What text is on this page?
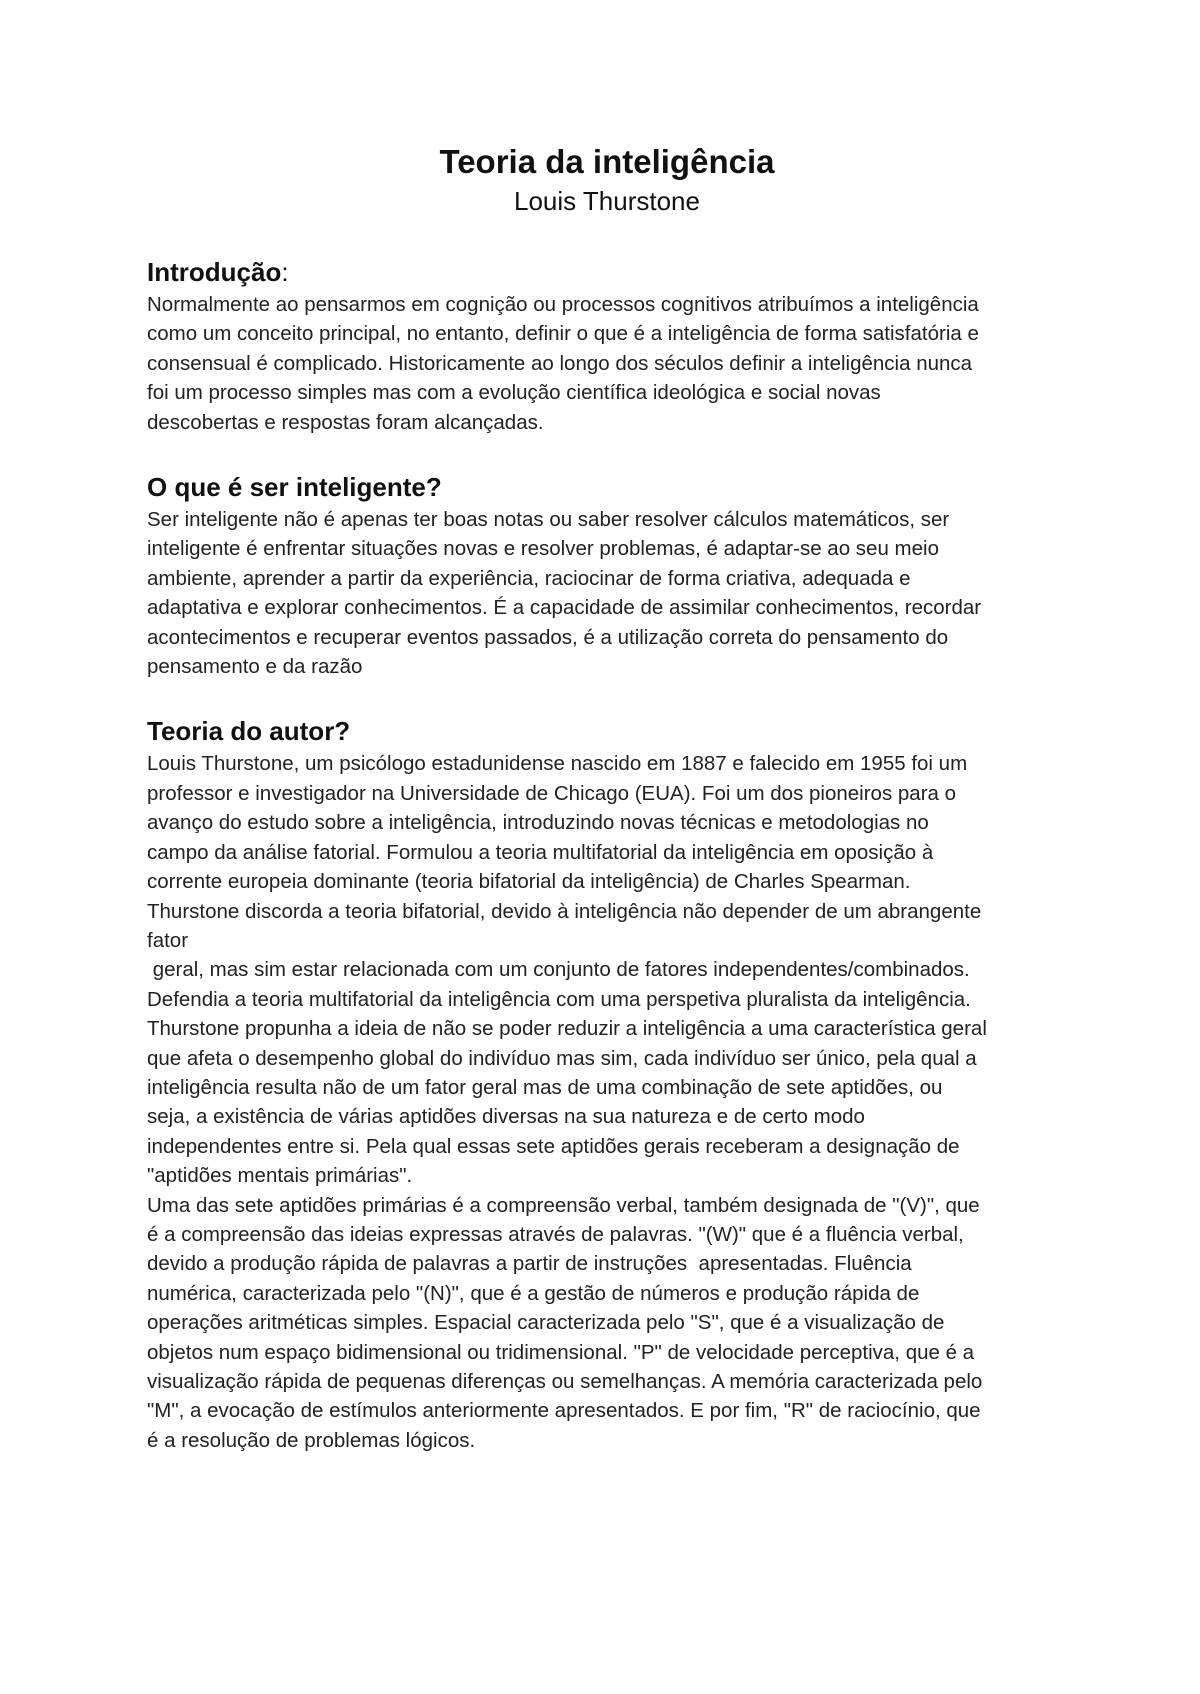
Teoria da inteligência

Louis Thurstone

Introdução:
Normalmente ao pensarmos em cognição ou processos cognitivos atribuímos a inteligência
como um conceito principal, no entanto, definir o que é a inteligência de forma satisfatória e
consensual é complicado. Historicamente ao longo dos séculos definir a inteligência nunca
foi um processo simples mas com a evolução científica ideológica e social novas
descobertas e respostas foram alcançadas.
O que é ser inteligente?
Ser inteligente não é apenas ter boas notas ou saber resolver cálculos matemáticos, ser
inteligente é enfrentar situações novas e resolver problemas, é adaptar-se ao seu meio
ambiente, aprender a partir da experiência, raciocinar de forma criativa, adequada e
adaptativa e explorar conhecimentos. É a capacidade de assimilar conhecimentos, recordar
acontecimentos e recuperar eventos passados, é a utilização correta do pensamento do
pensamento e da razão
Teoria do autor?
Louis Thurstone, um psicólogo estadunidense nascido em 1887 e falecido em 1955 foi um
professor e investigador na Universidade de Chicago (EUA). Foi um dos pioneiros para o
avanço do estudo sobre a inteligência, introduzindo novas técnicas e metodologias no
campo da análise fatorial. Formulou a teoria multifatorial da inteligência em oposição à
corrente europeia dominante (teoria bifatorial da inteligência) de Charles Spearman.
Thurstone discorda a teoria bifatorial, devido à inteligência não depender de um abrangente
fator
geral, mas sim estar relacionada com um conjunto de fatores independentes/combinados.
Defendia a teoria multifatorial da inteligência com uma perspetiva pluralista da inteligência.
Thurstone propunha a ideia de não se poder reduzir a inteligência a uma característica geral
que afeta o desempenho global do indivíduo mas sim, cada indivíduo ser único, pela qual a
inteligência resulta não de um fator geral mas de uma combinação de sete aptidões, ou
seja, a existência de várias aptidões diversas na sua natureza e de certo modo
independentes entre si. Pela qual essas sete aptidões gerais receberam a designação de
"aptidões mentais primárias".
Uma das sete aptidões primárias é a compreensão verbal, também designada de "(V)", que
é a compreensão das ideias expressas através de palavras. "(W)" que é a fluência verbal,
devido a produção rápida de palavras a partir de instruções  apresentadas. Fluência
numérica, caracterizada pelo "(N)", que é a gestão de números e produção rápida de
operações aritméticas simples. Espacial caracterizada pelo "S", que é a visualização de
objetos num espaço bidimensional ou tridimensional. "P" de velocidade perceptiva, que é a
visualização rápida de pequenas diferenças ou semelhanças. A memória caracterizada pelo
"M", a evocação de estímulos anteriormente apresentados. E por fim, "R" de raciocínio, que
é a resolução de problemas lógicos.
